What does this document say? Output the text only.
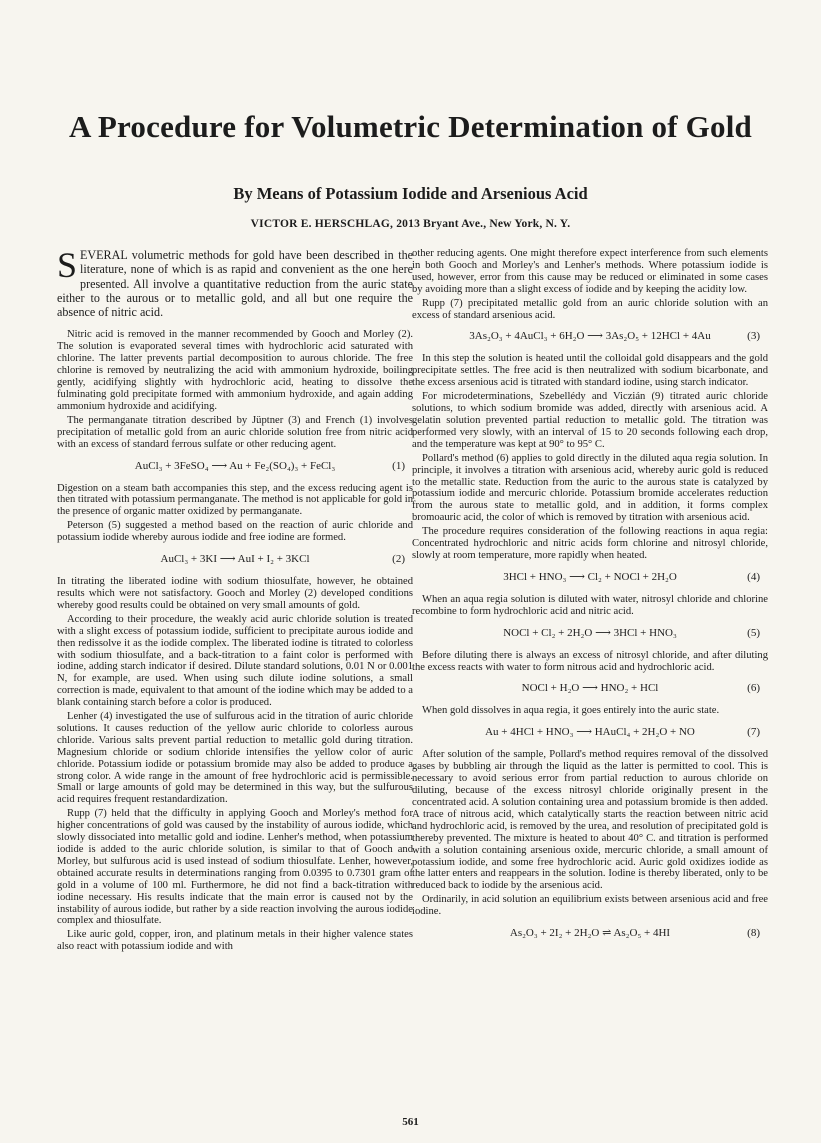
A Procedure for Volumetric Determination of Gold
By Means of Potassium Iodide and Arsenious Acid

VICTOR E. HERSCHLAG, 2013 Bryant Ave., New York, N. Y.

SEVERAL volumetric methods for gold have been described in the literature, none of which is as rapid and convenient as the one here presented. All involve a quantitative reduction from the auric state either to the aurous or to metallic gold, and all but one require the absence of nitric acid.

Nitric acid is removed in the manner recommended by Gooch and Morley (2). The solution is evaporated several times with hydrochloric acid saturated with chlorine. The latter prevents partial decomposition to aurous chloride. The free chlorine is removed by neutralizing the acid with ammonium hydroxide, boiling gently, acidifying slightly with hydrochloric acid, heating to dissolve the fulminating gold precipitate formed with ammonium hydroxide, and again adding ammonium hydroxide and acidifying.

The permanganate titration described by Jüptner (3) and French (1) involves precipitation of metallic gold from an auric chloride solution free from nitric acid with an excess of standard ferrous sulfate or other reducing agent.

AuCl₃ + 3FeSO₄ ⟶ Au + Fe₂(SO₄)₃ + FeCl₃	(1)

Digestion on a steam bath accompanies this step, and the excess reducing agent is then titrated with potassium permanganate. The method is not applicable for gold in the presence of organic matter oxidized by permanganate.

Peterson (5) suggested a method based on the reaction of auric chloride and potassium iodide whereby aurous iodide and free iodine are formed.

AuCl₃ + 3KI ⟶ AuI + I₂ + 3KCl	(2)

In titrating the liberated iodine with sodium thiosulfate, however, he obtained results which were not satisfactory. Gooch and Morley (2) developed conditions whereby good results could be obtained on very small amounts of gold.

According to their procedure, the weakly acid auric chloride solution is treated with a slight excess of potassium iodide, sufficient to precipitate aurous iodide and then redissolve it as the iodide complex. The liberated iodine is titrated to colorless with sodium thiosulfate, and a back-titration to a faint color is performed with iodine, adding starch indicator if desired. Dilute standard solutions, 0.01 N or 0.001 N, for example, are used. When using such dilute iodine solutions, a small correction is made, equivalent to that amount of the iodine which may be added to a blank containing starch before a color is produced.

Lenher (4) investigated the use of sulfurous acid in the titration of auric chloride solutions. It causes reduction of the yellow auric chloride to colorless aurous chloride. Various salts prevent partial reduction to metallic gold during titration. Magnesium chloride or sodium chloride intensifies the yellow color of auric chloride. Potassium iodide or potassium bromide may also be added to produce a strong color. A wide range in the amount of free hydrochloric acid is permissible. Small or large amounts of gold may be determined in this way, but the sulfurous acid requires frequent restandardization.

Rupp (7) held that the difficulty in applying Gooch and Morley's method for higher concentrations of gold was caused by the instability of aurous iodide, which slowly dissociated into metallic gold and iodine. Lenher's method, when potassium iodide is added to the auric chloride solution, is similar to that of Gooch and Morley, but sulfurous acid is used instead of sodium thiosulfate. Lenher, however, obtained accurate results in determinations ranging from 0.0395 to 0.7301 gram of gold in a volume of 100 ml. Furthermore, he did not find a back-titration with iodine necessary. His results indicate that the main error is caused not by the instability of aurous iodide, but rather by a side reaction involving the aurous iodide complex and thiosulfate.

Like auric gold, copper, iron, and platinum metals in their higher valence states also react with potassium iodide and with

other reducing agents. One might therefore expect interference from such elements in both Gooch and Morley's and Lenher's methods. Where potassium iodide is used, however, error from this cause may be reduced or eliminated in some cases by avoiding more than a slight excess of iodide and by keeping the acidity low.

Rupp (7) precipitated metallic gold from an auric chloride solution with an excess of standard arsenious acid.

3As₂O₃ + 4AuCl₃ + 6H₂O ⟶ 3As₂O₅ + 12HCl + 4Au	(3)

In this step the solution is heated until the colloidal gold disappears and the gold precipitate settles. The free acid is then neutralized with sodium bicarbonate, and the excess arsenious acid is titrated with standard iodine, using starch indicator.

For microdeterminations, Szebellédy and Viczián (9) titrated auric chloride solutions, to which sodium bromide was added, directly with arsenious acid. A gelatin solution prevented partial reduction to metallic gold. The titration was performed very slowly, with an interval of 15 to 20 seconds following each drop, and the temperature was kept at 90° to 95° C.

Pollard's method (6) applies to gold directly in the diluted aqua regia solution. In principle, it involves a titration with arsenious acid, whereby auric gold is reduced to the metallic state. Reduction from the auric to the aurous state is catalyzed by potassium iodide and mercuric chloride. Potassium bromide accelerates reduction from the aurous state to metallic gold, and in addition, it forms complex bromoauric acid, the color of which is removed by titration with arsenious acid.

The procedure requires consideration of the following reactions in aqua regia: Concentrated hydrochloric and nitric acids form chlorine and nitrosyl chloride, slowly at room temperature, more rapidly when heated.

3HCl + HNO₃ ⟶ Cl₂ + NOCl + 2H₂O	(4)

When an aqua regia solution is diluted with water, nitrosyl chloride and chlorine recombine to form hydrochloric acid and nitric acid.

NOCl + Cl₂ + 2H₂O ⟶ 3HCl + HNO₃	(5)

Before diluting there is always an excess of nitrosyl chloride, and after diluting the excess reacts with water to form nitrous acid and hydrochloric acid.

NOCl + H₂O ⟶ HNO₂ + HCl	(6)

When gold dissolves in aqua regia, it goes entirely into the auric state.

Au + 4HCl + HNO₃ ⟶ HAuCl₄ + 2H₂O + NO	(7)

After solution of the sample, Pollard's method requires removal of the dissolved gases by bubbling air through the liquid as the latter is permitted to cool. This is necessary to avoid serious error from partial reduction to aurous chloride on diluting, because of the excess nitrosyl chloride originally present in the concentrated acid. A solution containing urea and potassium bromide is then added. A trace of nitrous acid, which catalytically starts the reaction between nitric acid and hydrochloric acid, is removed by the urea, and resolution of precipitated gold is thereby prevented. The mixture is heated to about 40° C. and titration is performed with a solution containing arsenious oxide, mercuric chloride, a small amount of potassium iodide, and some free hydrochloric acid. Auric gold oxidizes iodide as the latter enters and reappears in the solution. Iodine is thereby liberated, only to be reduced back to iodide by the arsenious acid.

Ordinarily, in acid solution an equilibrium exists between arsenious acid and free iodine.

As₂O₃ + 2I₂ + 2H₂O ⇌ As₂O₅ + 4HI	(8)
561
